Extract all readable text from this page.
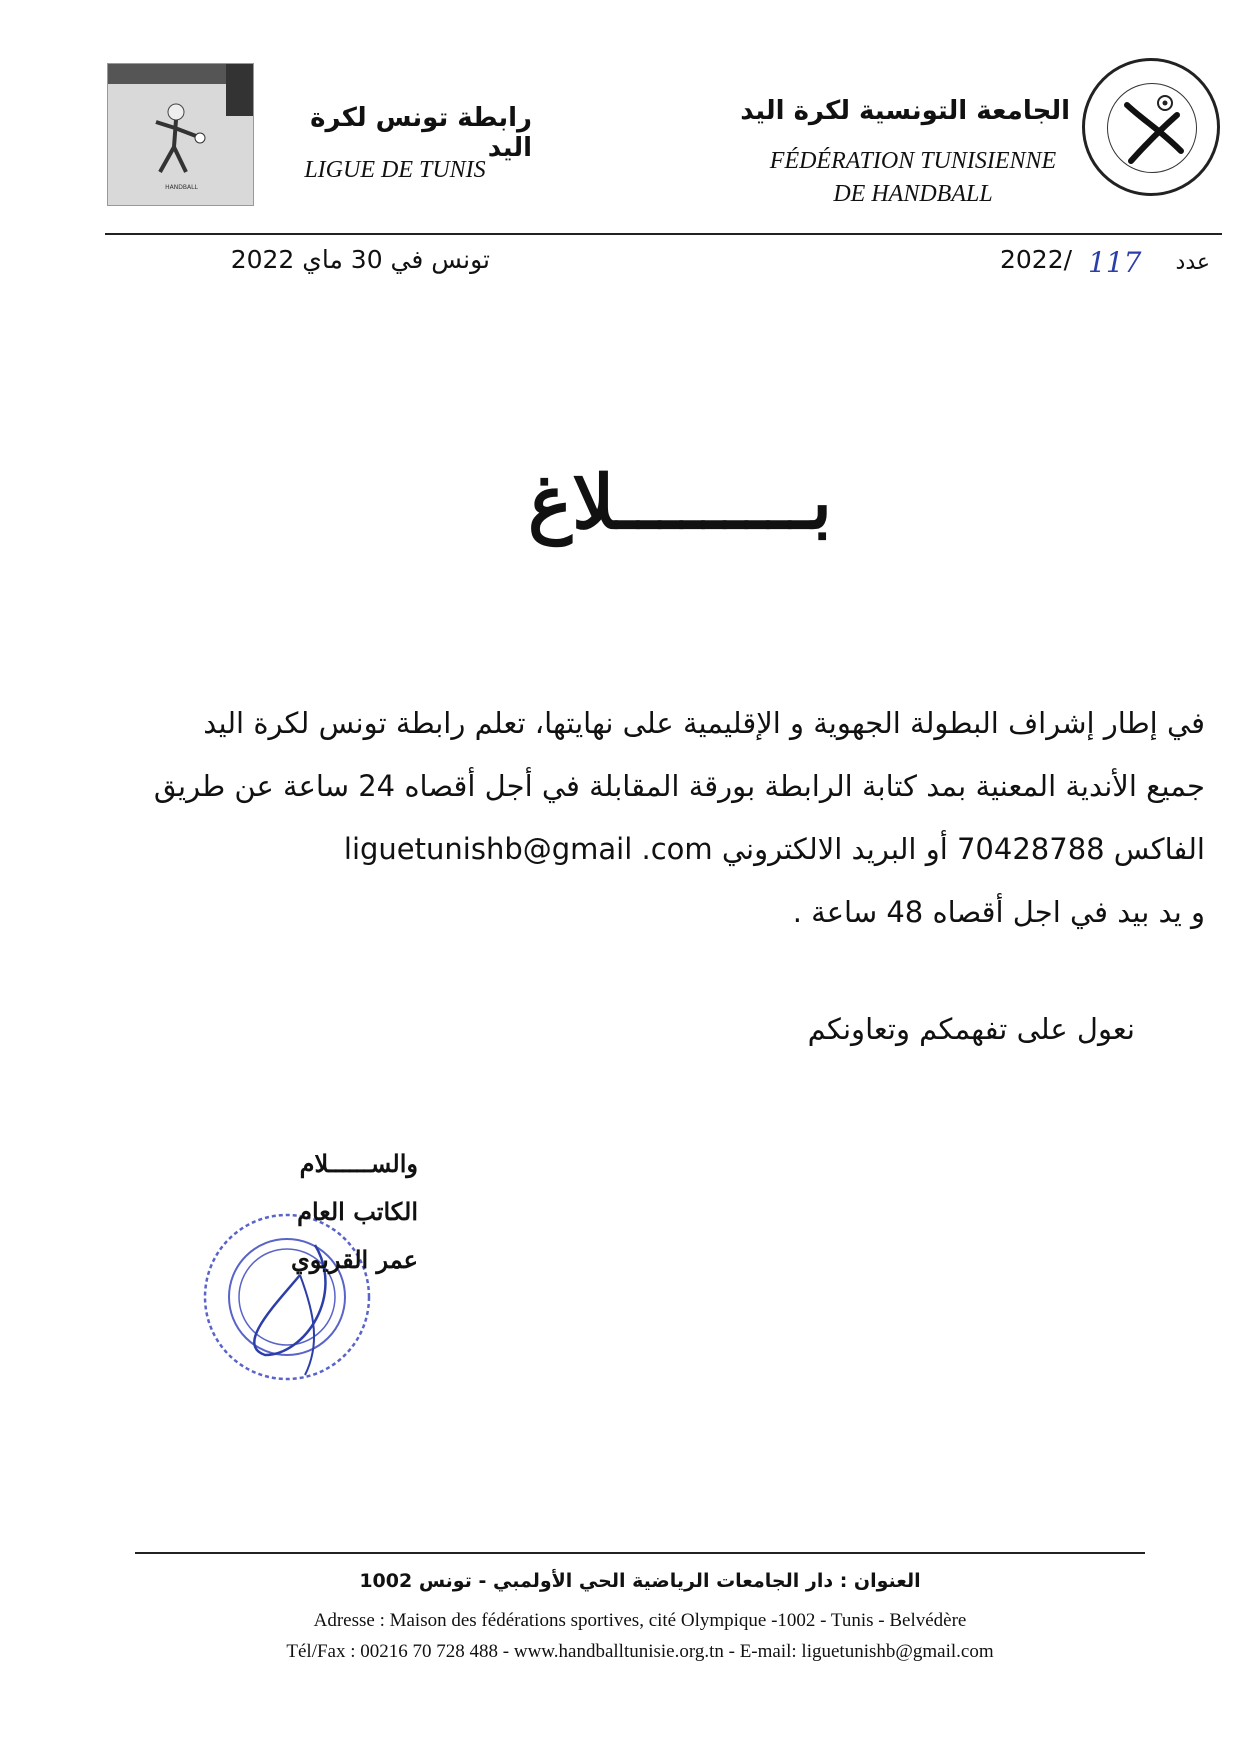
الجامعة التونسية لكرة اليد
FÉDÉRATION TUNISIENNE
DE HANDBALL
HANDBALL
رابطة تونس لكرة اليد
LIGUE DE TUNIS
عدد
117
2022/
تونس في 30 ماي 2022
بـــــــــلاغ

في إطار إشراف البطولة الجهوية و الإقليمية على نهايتها، تعلم رابطة تونس لكرة اليد

جميع الأندية المعنية بمد كتابة الرابطة بورقة المقابلة في أجل أقصاه 24 ساعة عن طريق

الفاكس 70428788 أو البريد الالكتروني liguetunishb@gmail .com

و يد بيد في اجل أقصاه 48 ساعة .

نعول على تفهمكم وتعاونكم
والســــــلام
الكاتب العام
عمر القريوي
العنوان : دار الجامعات الرياضية الحي الأولمبي - تونس 1002
Adresse : Maison des fédérations sportives, cité Olympique -1002 - Tunis - Belvédère
Tél/Fax : 00216 70 728 488 - www.handballtunisie.org.tn - E-mail: liguetunishb@gmail.com
